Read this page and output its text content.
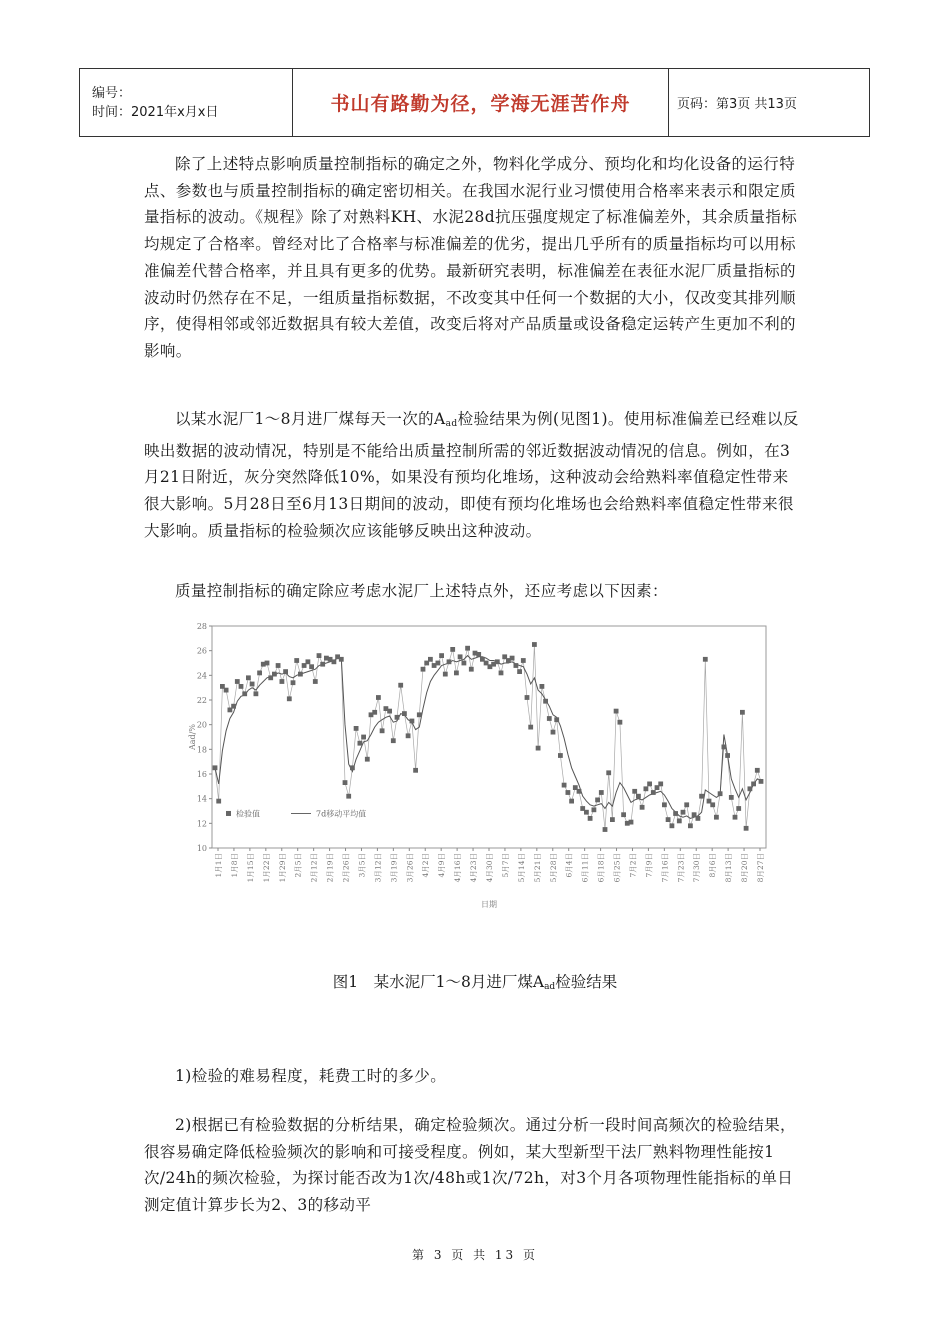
编号：
时间：2021年x月x日	书山有路勤为径，学海无涯苦作舟	页码：第3页 共13页

除了上述特点影响质量控制指标的确定之外，物料化学成分、预均化和均化设备的运行特点、参数也与质量控制指标的确定密切相关。在我国水泥行业习惯使用合格率来表示和限定质量指标的波动。《规程》除了对熟料KH、水泥28d抗压强度规定了标准偏差外，其余质量指标均规定了合格率。曾经对比了合格率与标准偏差的优劣，提出几乎所有的质量指标均可以用标准偏差代替合格率，并且具有更多的优势。最新研究表明，标准偏差在表征水泥厂质量指标的波动时仍然存在不足，一组质量指标数据，不改变其中任何一个数据的大小，仅改变其排列顺序，使得相邻或邻近数据具有较大差值，改变后将对产品质量或设备稳定运转产生更加不利的影响。

以某水泥厂1～8月进厂煤每天一次的$A_{ad}$检验结果为例(见图1)。使用标准偏差已经难以反映出数据的波动情况，特别是不能给出质量控制所需的邻近数据波动情况的信息。例如，在3月21日附近，灰分突然降低10%，如果没有预均化堆场，这种波动会给熟料率值稳定性带来很大影响。5月28日至6月13日期间的波动，即使有预均化堆场也会给熟料率值稳定性带来很大影响。质量指标的检验频次应该能够反映出这种波动。

质量控制指标的确定除应考虑水泥厂上述特点外，还应考虑以下因素：

10
12
14
16
18
20
22
24
26
28
Aad/%
1月1日 1月8日 1月15日 1月22日 1月29日 2月5日 2月12日 2月19日 2月26日 3月5日 3月12日 3月19日 3月26日 4月2日 4月9日 4月16日 4月23日 4月30日 5月7日 5月14日 5月21日 5月28日 6月4日 6月11日 6月18日 6月25日 7月2日 7月9日 7月16日 7月23日 7月30日 8月6日 8月13日 8月20日 8月27日
日期
检验值	7d移动平均值
图1　某水泥厂1～8月进厂煤$A_{ad}$检验结果

1)检验的难易程度，耗费工时的多少。

2)根据已有检验数据的分析结果，确定检验频次。通过分析一段时间高频次的检验结果，很容易确定降低检验频次的影响和可接受程度。例如，某大型新型干法厂熟料物理性能按1次/24h的频次检验，为探讨能否改为1次/48h或1次/72h，对3个月各项物理性能指标的单日测定值计算步长为2、3的移动平

第 3 页 共 13 页
